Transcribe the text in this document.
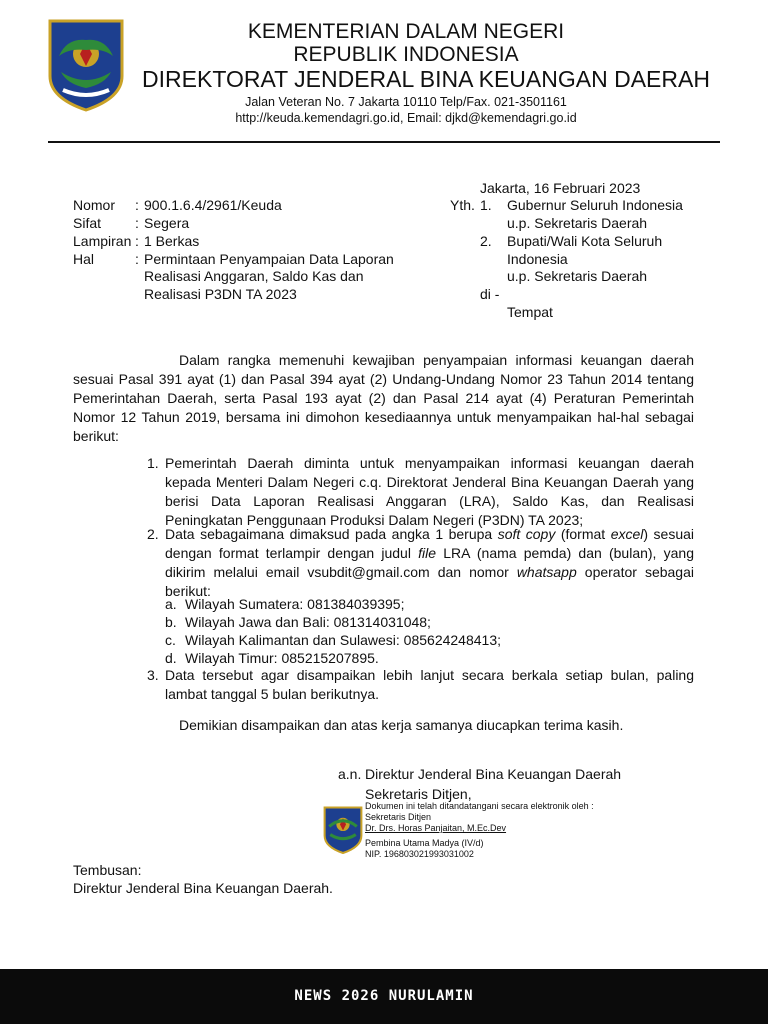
KEMENTERIAN DALAM NEGERI
REPUBLIK INDONESIA
DIREKTORAT JENDERAL BINA KEUANGAN DAERAH
Jalan Veteran No. 7 Jakarta 10110 Telp/Fax. 021-3501161
http://keuda.kemendagri.go.id, Email: djkd@kemendagri.go.id
Nomor : 900.1.6.4/2961/Keuda
Sifat : Segera
Lampiran : 1 Berkas
Hal	: Permintaan Penyampaian Data Laporan
Realisasi Anggaran, Saldo Kas dan
Realisasi P3DN TA 2023
Jakarta, 16 Februari 2023
Yth. 1. Gubernur Seluruh Indonesia
u.p. Sekretaris Daerah
2. Bupati/Wali Kota Seluruh
Indonesia
u.p. Sekretaris Daerah
di -
Tempat
Dalam rangka memenuhi kewajiban penyampaian informasi keuangan daerah sesuai Pasal 391 ayat (1) dan Pasal 394 ayat (2) Undang-Undang Nomor 23 Tahun 2014 tentang Pemerintahan Daerah, serta Pasal 193 ayat (2) dan Pasal 214 ayat (4) Peraturan Pemerintah Nomor 12 Tahun 2019, bersama ini dimohon kesediaannya untuk menyampaikan hal-hal sebagai berikut:
1. Pemerintah Daerah diminta untuk menyampaikan informasi keuangan daerah kepada Menteri Dalam Negeri c.q. Direktorat Jenderal Bina Keuangan Daerah yang berisi Data Laporan Realisasi Anggaran (LRA), Saldo Kas, dan Realisasi Peningkatan Penggunaan Produksi Dalam Negeri (P3DN) TA 2023;
2. Data sebagaimana dimaksud pada angka 1 berupa soft copy (format excel) sesuai dengan format terlampir dengan judul file LRA (nama pemda) dan (bulan), yang dikirim melalui email vsubdit@gmail.com dan nomor whatsapp operator sebagai berikut:
a. Wilayah Sumatera: 081384039395;
b. Wilayah Jawa dan Bali: 081314031048;
c. Wilayah Kalimantan dan Sulawesi: 085624248413;
d. Wilayah Timur: 085215207895.
3. Data tersebut agar disampaikan lebih lanjut secara berkala setiap bulan, paling lambat tanggal 5 bulan berikutnya.
Demikian disampaikan dan atas kerja samanya diucapkan terima kasih.
a.n. Direktur Jenderal Bina Keuangan Daerah
Sekretaris Ditjen,
Dokumen ini telah ditandatangani secara elektronik oleh :
Sekretaris Ditjen
Dr. Drs. Horas Panjaitan, M.Ec.Dev
Pembina Utama Madya (IV/d)
NIP. 196803021993031002
Tembusan:
Direktur Jenderal Bina Keuangan Daerah.
NEWS 2026 NURULAMIN
